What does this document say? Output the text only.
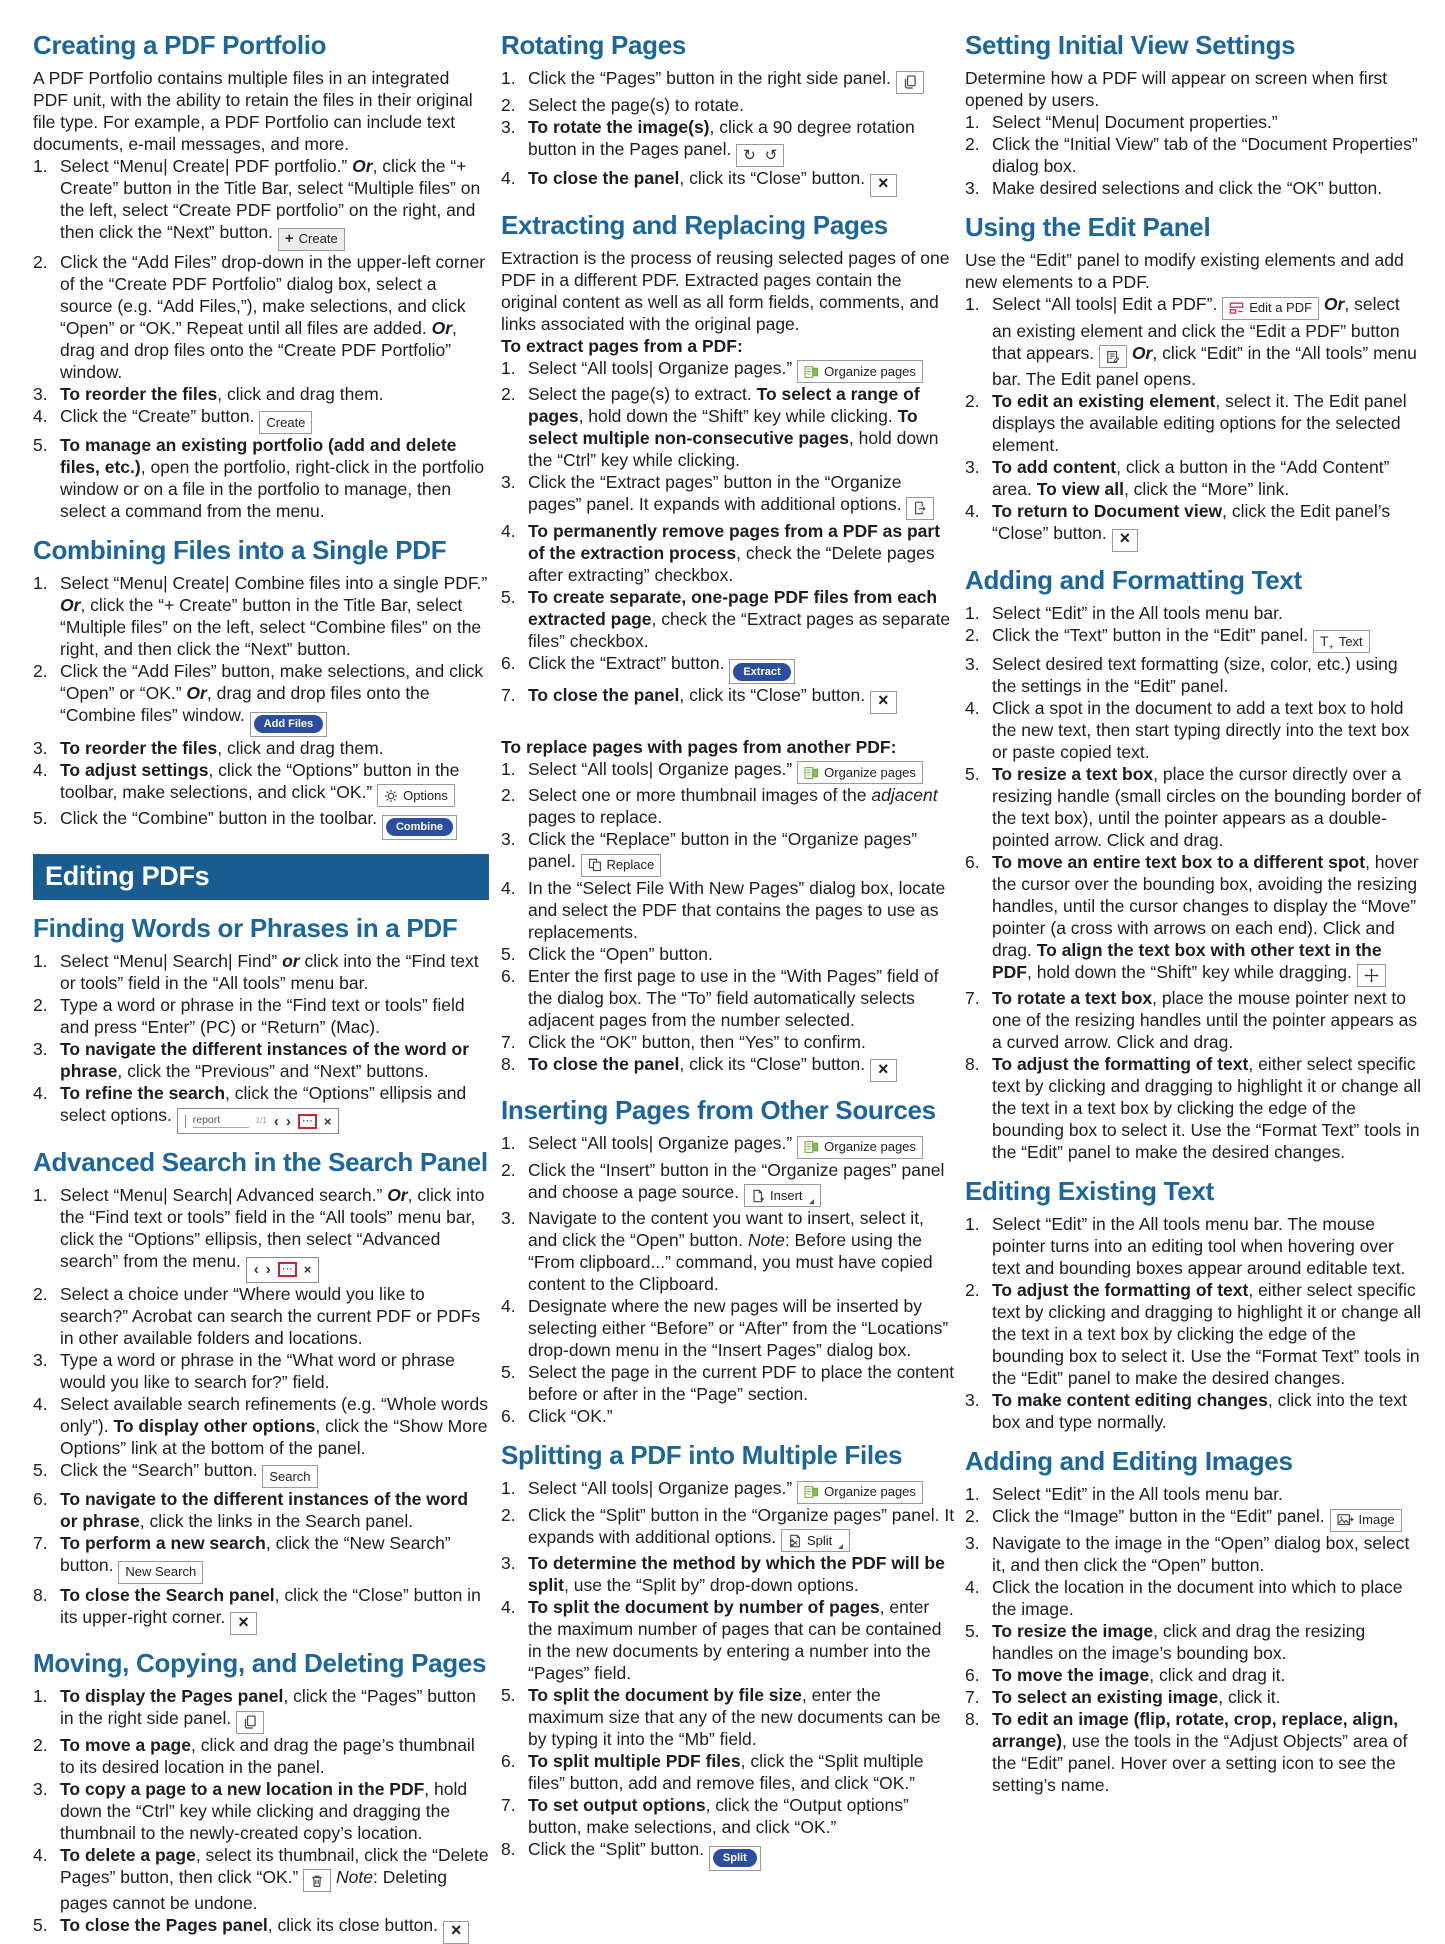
Creating a PDF Portfolio

A PDF Portfolio contains multiple files in an integrated PDF unit, with the ability to retain the files in their original file type. For example, a PDF Portfolio can include text documents, e-mail messages, and more.

1. Select “Menu| Create| PDF portfolio.” Or, click the “+ Create” button in the Title Bar, select “Multiple files” on the left, select “Create PDF portfolio” on the right, and then click the “Next” button. + Create
2. Click the “Add Files” drop-down in the upper-left corner of the “Create PDF Portfolio” dialog box, select a source (e.g. “Add Files,”), make selections, and click “Open” or “OK.” Repeat until all files are added. Or, drag and drop files onto the “Create PDF Portfolio” window.
3. To reorder the files, click and drag them.
4. Click the “Create” button. Create
5. To manage an existing portfolio (add and delete files, etc.), open the portfolio, right-click in the portfolio window or on a file in the portfolio to manage, then select a command from the menu.
Combining Files into a Single PDF
1. Select “Menu| Create| Combine files into a single PDF.” Or, click the “+ Create” button in the Title Bar, select “Multiple files” on the left, select “Combine files” on the right, and then click the “Next” button.
2. Click the “Add Files” button, make selections, and click “Open” or “OK.” Or, drag and drop files onto the “Combine files” window.	Add Files
3. To reorder the files, click and drag them.
4. To adjust settings, click the “Options” button in the toolbar, make selections, and click “OK.” Options
5. Click the “Combine” button in the toolbar.	Combine
Editing PDFs
Finding Words or Phrases in a PDF
1. Select “Menu| Search| Find” or click into the “Find text or tools” field in the “All tools” menu bar.
2. Type a word or phrase in the “Find text or tools” field and press “Enter” (PC) or “Return” (Mac).
3. To navigate the different instances of the word or phrase, click the “Previous” and “Next” buttons.
4. To refine the search, click the “Options” ellipsis and select options. report	1/1 ‹ ›	⋯ ×
Advanced Search in the Search Panel
1. Select “Menu| Search| Advanced search.” Or, click into the “Find text or tools” field in the “All tools” menu bar, click the “Options” ellipsis, then select “Advanced search” from the menu. ‹ ›	⋯ ×
2. Select a choice under “Where would you like to search?” Acrobat can search the current PDF or PDFs in other available folders and locations.
3. Type a word or phrase in the “What word or phrase would you like to search for?” field.
4. Select available search refinements (e.g. “Whole words only”). To display other options, click the “Show More Options” link at the bottom of the panel.
5. Click the “Search” button. Search
6. To navigate to the different instances of the word or phrase, click the links in the Search panel.
7. To perform a new search, click the “New Search” button. New Search
8. To close the Search panel, click the “Close” button in its upper-right corner. ×
Moving, Copying, and Deleting Pages
1. To display the Pages panel, click the “Pages” button in the right side panel.
2. To move a page, click and drag the page’s thumbnail to its desired location in the panel.
3. To copy a page to a new location in the PDF, hold down the “Ctrl” key while clicking and dragging the thumbnail to the newly-created copy’s location.
4. To delete a page, select its thumbnail, click the “Delete Pages” button, then click “OK.”
Note: Deleting pages cannot be undone.
5. To close the Pages panel, click its close button. ×
Rotating Pages
1. Click the “Pages” button in the right side panel.
2. Select the page(s) to rotate.
3. To rotate the image(s), click a 90 degree rotation button in the Pages panel. ↻ ↺
4. To close the panel, click its “Close” button. ×
Extracting and Replacing Pages

Extraction is the process of reusing selected pages of one PDF in a different PDF. Extracted pages contain the original content as well as all form fields, comments, and links associated with the original page.

To extract pages from a PDF:
1. Select “All tools| Organize pages.” Organize pages
2. Select the page(s) to extract. To select a range of pages, hold down the “Shift” key while clicking. To select multiple non-consecutive pages, hold down the “Ctrl” key while clicking.
3. Click the “Extract pages” button in the “Organize pages” panel. It expands with additional options.
4. To permanently remove pages from a PDF as part of the extraction process, check the “Delete pages after extracting” checkbox.
5. To create separate, one-page PDF files from each extracted page, check the “Extract pages as separate files” checkbox.
6. Click the “Extract” button.	Extract
7. To close the panel, click its “Close” button. ×
To replace pages with pages from another PDF:
1. Select “All tools| Organize pages.” Organize pages
2. Select one or more thumbnail images of the adjacent pages to replace.
3. Click the “Replace” button in the “Organize pages” panel. Replace
4. In the “Select File With New Pages” dialog box, locate and select the PDF that contains the pages to use as replacements.
5. Click the “Open” button.
6. Enter the first page to use in the “With Pages” field of the dialog box. The “To” field automatically selects adjacent pages from the number selected.
7. Click the “OK” button, then “Yes” to confirm.
8. To close the panel, click its “Close” button. ×
Inserting Pages from Other Sources
1. Select “All tools| Organize pages.” Organize pages
2. Click the “Insert” button in the “Organize pages” panel and choose a page source. Insert
3. Navigate to the content you want to insert, select it, and click the “Open” button. Note: Before using the “From clipboard...” command, you must have copied content to the Clipboard.
4. Designate where the new pages will be inserted by selecting either “Before” or “After” from the “Locations” drop-down menu in the “Insert Pages” dialog box.
5. Select the page in the current PDF to place the content before or after in the “Page” section.
6. Click “OK.”
Splitting a PDF into Multiple Files
1. Select “All tools| Organize pages.” Organize pages
2. Click the “Split” button in the “Organize pages” panel. It expands with additional options. Split
3. To determine the method by which the PDF will be split, use the “Split by” drop-down options.
4. To split the document by number of pages, enter the maximum number of pages that can be contained in the new documents by entering a number into the “Pages” field.
5. To split the document by file size, enter the maximum size that any of the new documents can be by typing it into the “Mb” field.
6. To split multiple PDF files, click the “Split multiple files” button, add and remove files, and click “OK.”
7. To set output options, click the “Output options” button, make selections, and click “OK.”
8. Click the “Split” button.	Split
Setting Initial View Settings

Determine how a PDF will appear on screen when first opened by users.

1. Select “Menu| Document properties.”
2. Click the “Initial View” tab of the “Document Properties” dialog box.
3. Make desired selections and click the “OK” button.
Using the Edit Panel

Use the “Edit” panel to modify existing elements and add new elements to a PDF.

1. Select “All tools| Edit a PDF”. Edit a PDF Or, select an existing element and click the “Edit a PDF” button that appears.
Or, click “Edit” in the “All tools” menu bar. The Edit panel opens.
2. To edit an existing element, select it. The Edit panel displays the available editing options for the selected element.
3. To add content, click a button in the “Add Content” area. To view all, click the “More” link.
4. To return to Document view, click the Edit panel’s “Close” button. ×
Adding and Formatting Text
1. Select “Edit” in the All tools menu bar.
2. Click the “Text” button in the “Edit” panel. $T_+$ Text
3. Select desired text formatting (size, color, etc.) using the settings in the “Edit” panel.
4. Click a spot in the document to add a text box to hold the new text, then start typing directly into the text box or paste copied text.
5. To resize a text box, place the cursor directly over a resizing handle (small circles on the bounding border of the text box), until the pointer appears as a double-pointed arrow. Click and drag.
6. To move an entire text box to a different spot, hover the cursor over the bounding box, avoiding the resizing handles, until the cursor changes to display the “Move” pointer (a cross with arrows on each end). Click and drag. To align the text box with other text in the PDF, hold down the “Shift” key while dragging.
7. To rotate a text box, place the mouse pointer next to one of the resizing handles until the pointer appears as a curved arrow. Click and drag.
8. To adjust the formatting of text, either select specific text by clicking and dragging to highlight it or change all the text in a text box by clicking the edge of the bounding box to select it. Use the “Format Text” tools in the “Edit” panel to make the desired changes.
Editing Existing Text
1. Select “Edit” in the All tools menu bar. The mouse pointer turns into an editing tool when hovering over text and bounding boxes appear around editable text.
2. To adjust the formatting of text, either select specific text by clicking and dragging to highlight it or change all the text in a text box by clicking the edge of the bounding box to select it. Use the “Format Text” tools in the “Edit” panel to make the desired changes.
3. To make content editing changes, click into the text box and type normally.
Adding and Editing Images
1. Select “Edit” in the All tools menu bar.
2. Click the “Image” button in the “Edit” panel. Image
3. Navigate to the image in the “Open” dialog box, select it, and then click the “Open” button.
4. Click the location in the document into which to place the image.
5. To resize the image, click and drag the resizing handles on the image’s bounding box.
6. To move the image, click and drag it.
7. To select an existing image, click it.
8. To edit an image (flip, rotate, crop, replace, align, arrange), use the tools in the “Adjust Objects” area of the “Edit” panel. Hover over a setting icon to see the setting’s name.
